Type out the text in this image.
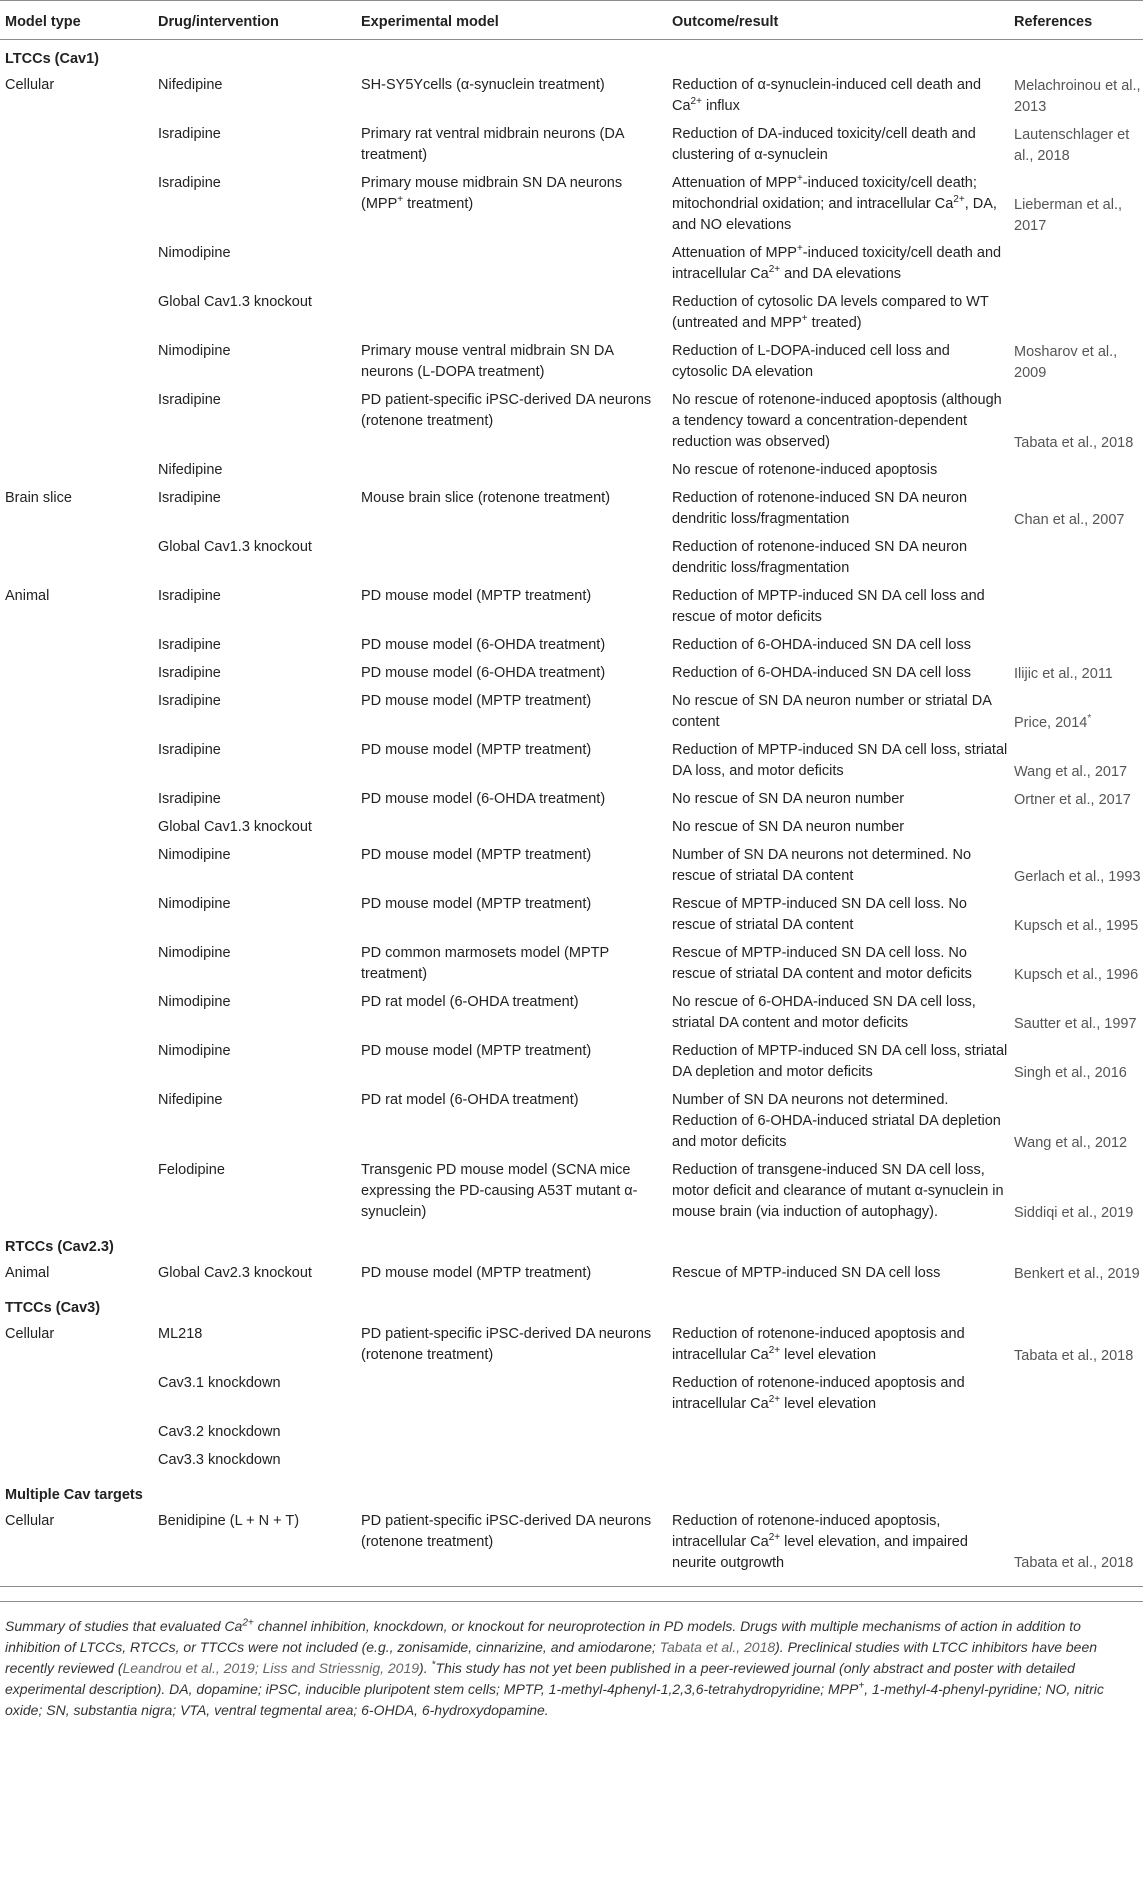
Model type	Drug/intervention	Experimental model	Outcome/result	References
LTCCs (Cav1)				
Cellular	Nifedipine	SH-SY5Ycells (α-synuclein treatment)	Reduction of α-synuclein-induced cell death and $Ca^{2+}$ influx	Melachroinou et al., 2013
	Isradipine	Primary rat ventral midbrain neurons (DA treatment)	Reduction of DA-induced toxicity/cell death and clustering of α-synuclein	Lautenschlager et al., 2018
	Isradipine	Primary mouse midbrain SN DA neurons (MPP+ treatment)	Attenuation of MPP+-induced toxicity/cell death; mitochondrial oxidation; and intracellular $Ca^{2+}$, DA, and NO elevations	Lieberman et al., 2017
	Nimodipine		Attenuation of MPP+-induced toxicity/cell death and intracellular $Ca^{2+}$ and DA elevations	
	Global Cav1.3 knockout		Reduction of cytosolic DA levels compared to WT (untreated and MPP+ treated)	
	Nimodipine	Primary mouse ventral midbrain SN DA neurons (L-DOPA treatment)	Reduction of L-DOPA-induced cell loss and cytosolic DA elevation	Mosharov et al., 2009
	Isradipine	PD patient-specific iPSC-derived DA neurons (rotenone treatment)	No rescue of rotenone-induced apoptosis (although a tendency toward a concentration-dependent reduction was observed)	Tabata et al., 2018
	Nifedipine		No rescue of rotenone-induced apoptosis	
Brain slice	Isradipine	Mouse brain slice (rotenone treatment)	Reduction of rotenone-induced SN DA neuron dendritic loss/fragmentation	Chan et al., 2007
	Global Cav1.3 knockout		Reduction of rotenone-induced SN DA neuron dendritic loss/fragmentation	
Animal	Isradipine	PD mouse model (MPTP treatment)	Reduction of MPTP-induced SN DA cell loss and rescue of motor deficits	
	Isradipine	PD mouse model (6-OHDA treatment)	Reduction of 6-OHDA-induced SN DA cell loss	
	Isradipine	PD mouse model (6-OHDA treatment)	Reduction of 6-OHDA-induced SN DA cell loss	Ilijic et al., 2011
	Isradipine	PD mouse model (MPTP treatment)	No rescue of SN DA neuron number or striatal DA content	Price, 2014*
	Isradipine	PD mouse model (MPTP treatment)	Reduction of MPTP-induced SN DA cell loss, striatal DA loss, and motor deficits	Wang et al., 2017
	Isradipine	PD mouse model (6-OHDA treatment)	No rescue of SN DA neuron number	Ortner et al., 2017
	Global Cav1.3 knockout		No rescue of SN DA neuron number	
	Nimodipine	PD mouse model (MPTP treatment)	Number of SN DA neurons not determined. No rescue of striatal DA content	Gerlach et al., 1993
	Nimodipine	PD mouse model (MPTP treatment)	Rescue of MPTP-induced SN DA cell loss. No rescue of striatal DA content	Kupsch et al., 1995
	Nimodipine	PD common marmosets model (MPTP treatment)	Rescue of MPTP-induced SN DA cell loss. No rescue of striatal DA content and motor deficits	Kupsch et al., 1996
	Nimodipine	PD rat model (6-OHDA treatment)	No rescue of 6-OHDA-induced SN DA cell loss, striatal DA content and motor deficits	Sautter et al., 1997
	Nimodipine	PD mouse model (MPTP treatment)	Reduction of MPTP-induced SN DA cell loss, striatal DA depletion and motor deficits	Singh et al., 2016
	Nifedipine	PD rat model (6-OHDA treatment)	Number of SN DA neurons not determined. Reduction of 6-OHDA-induced striatal DA depletion and motor deficits	Wang et al., 2012
	Felodipine	Transgenic PD mouse model (SCNA mice expressing the PD-causing A53T mutant α-synuclein)	Reduction of transgene-induced SN DA cell loss, motor deficit and clearance of mutant α-synuclein in mouse brain (via induction of autophagy).	Siddiqi et al., 2019
RTCCs (Cav2.3)				
Animal	Global Cav2.3 knockout	PD mouse model (MPTP treatment)	Rescue of MPTP-induced SN DA cell loss	Benkert et al., 2019
TTCCs (Cav3)				
Cellular	ML218	PD patient-specific iPSC-derived DA neurons (rotenone treatment)	Reduction of rotenone-induced apoptosis and intracellular $Ca^{2+}$ level elevation	Tabata et al., 2018
	Cav3.1 knockdown		Reduction of rotenone-induced apoptosis and intracellular $Ca^{2+}$ level elevation	
	Cav3.2 knockdown			
	Cav3.3 knockdown			
Multiple Cav targets				
Cellular	Benidipine (L + N + T)	PD patient-specific iPSC-derived DA neurons (rotenone treatment)	Reduction of rotenone-induced apoptosis, intracellular $Ca^{2+}$ level elevation, and impaired neurite outgrowth	Tabata et al., 2018
Summary of studies that evaluated $Ca^{2+}$ channel inhibition, knockdown, or knockout for neuroprotection in PD models. Drugs with multiple mechanisms of action in addition to inhibition of LTCCs, RTCCs, or TTCCs were not included (e.g., zonisamide, cinnarizine, and amiodarone; Tabata et al., 2018). Preclinical studies with LTCC inhibitors have been recently reviewed (Leandrou et al., 2019; Liss and Striessnig, 2019). *This study has not yet been published in a peer-reviewed journal (only abstract and poster with detailed experimental description). DA, dopamine; iPSC, inducible pluripotent stem cells; MPTP, 1-methyl-4phenyl-1,2,3,6-tetrahydropyridine; MPP+, 1-methyl-4-phenyl-pyridine; NO, nitric oxide; SN, substantia nigra; VTA, ventral tegmental area; 6-OHDA, 6-hydroxydopamine.
